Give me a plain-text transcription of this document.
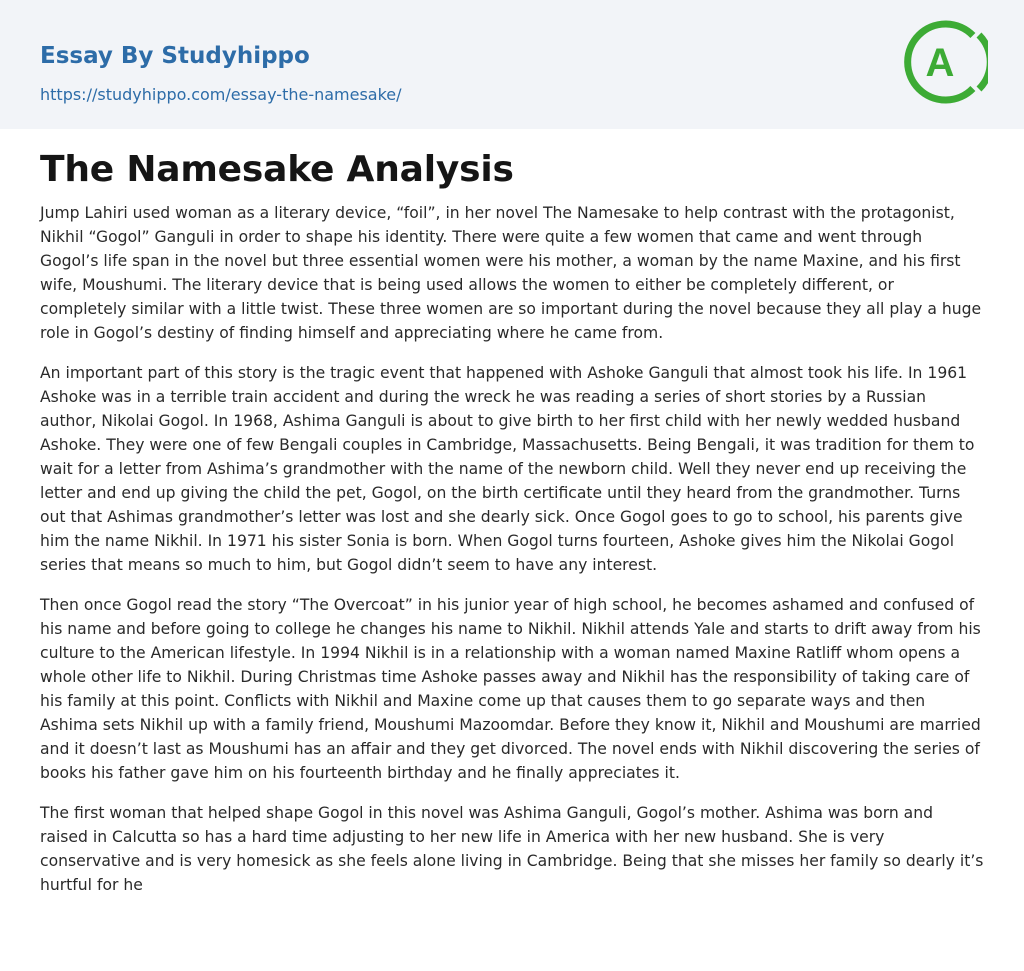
Essay By Studyhippo
https://studyhippo.com/essay-the-namesake/
A
The Namesake Analysis

Jump Lahiri used woman as a literary device, “foil”, in her novel The Namesake to help contrast with the protagonist, Nikhil “Gogol” Ganguli in order to shape his identity. There were quite a few women that came and went through Gogol’s life span in the novel but three essential women were his mother, a woman by the name Maxine, and his first wife, Moushumi. The literary device that is being used allows the women to either be completely different, or completely similar with a little twist. These three women are so important during the novel because they all play a huge role in Gogol’s destiny of finding himself and appreciating where he came from.

An important part of this story is the tragic event that happened with Ashoke Ganguli that almost took his life. In 1961 Ashoke was in a terrible train accident and during the wreck he was reading a series of short stories by a Russian author, Nikolai Gogol. In 1968, Ashima Ganguli is about to give birth to her first child with her newly wedded husband Ashoke. They were one of few Bengali couples in Cambridge, Massachusetts. Being Bengali, it was tradition for them to wait for a letter from Ashima’s grandmother with the name of the newborn child. Well they never end up receiving the letter and end up giving the child the pet, Gogol, on the birth certificate until they heard from the grandmother. Turns out that Ashimas grandmother’s letter was lost and she dearly sick. Once Gogol goes to go to school, his parents give him the name Nikhil. In 1971 his sister Sonia is born. When Gogol turns fourteen, Ashoke gives him the Nikolai Gogol series that means so much to him, but Gogol didn’t seem to have any interest.

Then once Gogol read the story “The Overcoat” in his junior year of high school, he becomes ashamed and confused of his name and before going to college he changes his name to Nikhil. Nikhil attends Yale and starts to drift away from his culture to the American lifestyle. In 1994 Nikhil is in a relationship with a woman named Maxine Ratliff whom opens a whole other life to Nikhil. During Christmas time Ashoke passes away and Nikhil has the responsibility of taking care of his family at this point. Conflicts with Nikhil and Maxine come up that causes them to go separate ways and then Ashima sets Nikhil up with a family friend, Moushumi Mazoomdar. Before they know it, Nikhil and Moushumi are married and it doesn’t last as Moushumi has an affair and they get divorced. The novel ends with Nikhil discovering the series of books his father gave him on his fourteenth birthday and he finally appreciates it.

The first woman that helped shape Gogol in this novel was Ashima Ganguli, Gogol’s mother. Ashima was born and raised in Calcutta so has a hard time adjusting to her new life in America with her new husband. She is very conservative and is very homesick as she feels alone living in Cambridge. Being that she misses her family so dearly it’s hurtful for he
